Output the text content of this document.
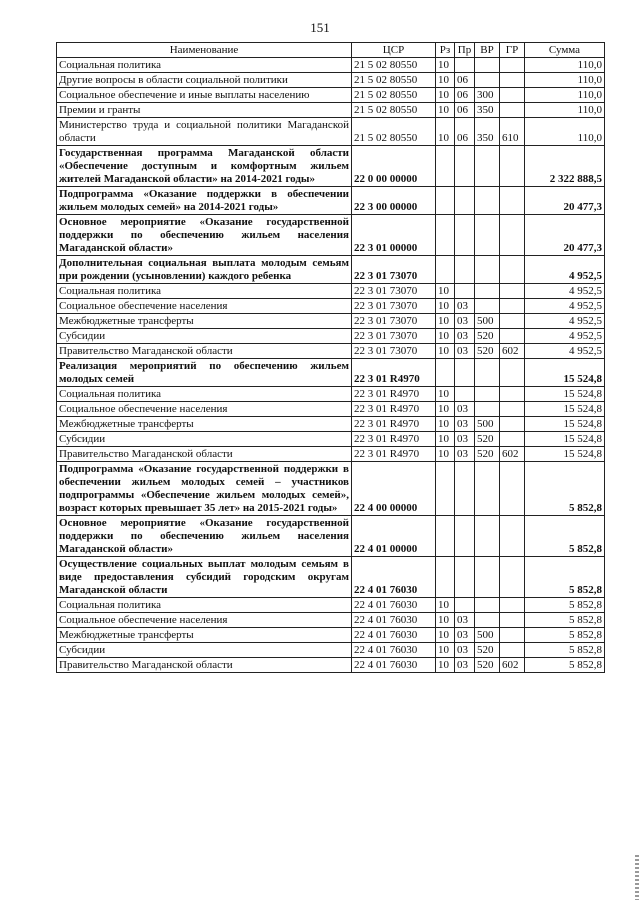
151
Наименование	ЦСР	Рз	Пр	ВР	ГР	Сумма
Социальная политика	21 5 02 80550	10				110,0
Другие вопросы в области социальной политики	21 5 02 80550	10	06			110,0
Социальное обеспечение и иные выплаты населению	21 5 02 80550	10	06	300		110,0
Премии и гранты	21 5 02 80550	10	06	350		110,0
Министерство труда и социальной политики Магаданской области	21 5 02 80550	10	06	350	610	110,0
Государственная программа Магаданской области «Обеспечение доступным и комфортным жильем жителей Магаданской области» на 2014-2021 годы»	22 0 00 00000					2 322 888,5
Подпрограмма «Оказание поддержки в обеспечении жильем молодых семей» на 2014-2021 годы»	22 3 00 00000					20 477,3
Основное мероприятие «Оказание государственной поддержки по обеспечению жильем населения Магаданской области»	22 3 01 00000					20 477,3
Дополнительная социальная выплата молодым семьям при рождении (усыновлении) каждого ребенка	22 3 01 73070					4 952,5
Социальная политика	22 3 01 73070	10				4 952,5
Социальное обеспечение населения	22 3 01 73070	10	03			4 952,5
Межбюджетные трансферты	22 3 01 73070	10	03	500		4 952,5
Субсидии	22 3 01 73070	10	03	520		4 952,5
Правительство Магаданской области	22 3 01 73070	10	03	520	602	4 952,5
Реализация мероприятий по обеспечению жильем молодых семей	22 3 01 R4970					15 524,8
Социальная политика	22 3 01 R4970	10				15 524,8
Социальное обеспечение населения	22 3 01 R4970	10	03			15 524,8
Межбюджетные трансферты	22 3 01 R4970	10	03	500		15 524,8
Субсидии	22 3 01 R4970	10	03	520		15 524,8
Правительство Магаданской области	22 3 01 R4970	10	03	520	602	15 524,8
Подпрограмма «Оказание государственной поддержки в обеспечении жильем молодых семей – участников подпрограммы «Обеспечение жильем молодых семей», возраст которых превышает 35 лет» на 2015-2021 годы»	22 4 00 00000					5 852,8
Основное мероприятие «Оказание государственной поддержки по обеспечению жильем населения Магаданской области»	22 4 01 00000					5 852,8
Осуществление социальных выплат молодым семьям в виде предоставления субсидий городским округам Магаданской области	22 4 01 76030					5 852,8
Социальная политика	22 4 01 76030	10				5 852,8
Социальное обеспечение населения	22 4 01 76030	10	03			5 852,8
Межбюджетные трансферты	22 4 01 76030	10	03	500		5 852,8
Субсидии	22 4 01 76030	10	03	520		5 852,8
Правительство Магаданской области	22 4 01 76030	10	03	520	602	5 852,8
